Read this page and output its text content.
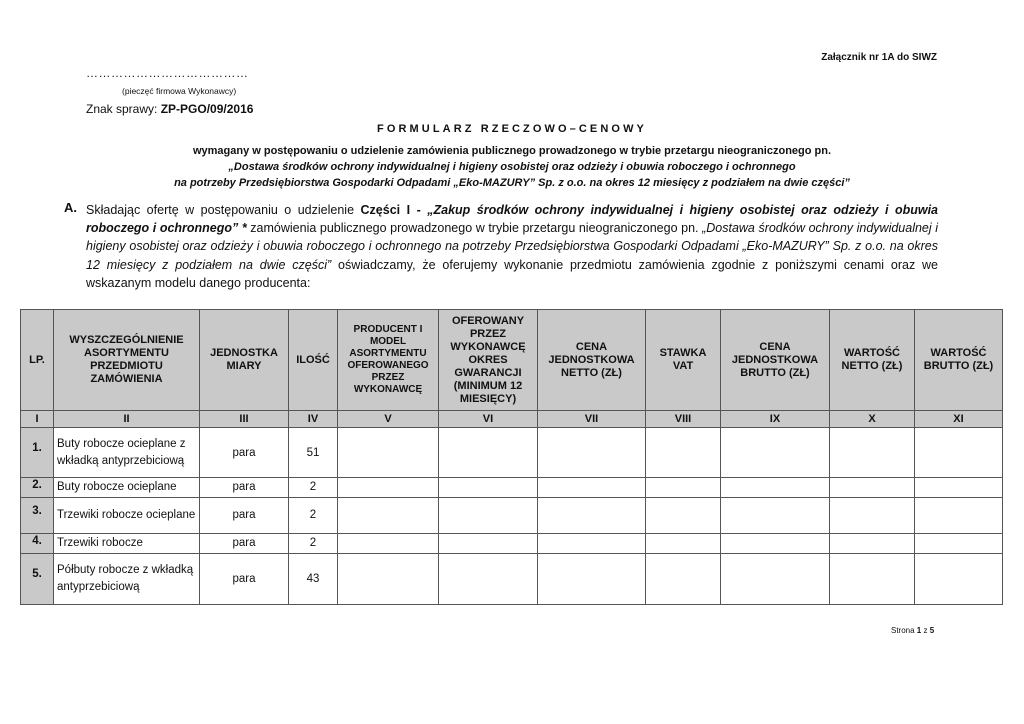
Załącznik nr 1A do SIWZ
…………………………………
(pieczęć firmowa Wykonawcy)
Znak sprawy: ZP-PGO/09/2016
FORMULARZ RZECZOWO–CENOWY
wymagany w postępowaniu o udzielenie zamówienia publicznego prowadzonego w trybie przetargu nieograniczonego pn.
„Dostawa środków ochrony indywidualnej i higieny osobistej oraz odzieży i obuwia roboczego i ochronnego
na potrzeby Przedsiębiorstwa Gospodarki Odpadami „Eko-MAZURY” Sp. z o.o. na okres 12 miesięcy z podziałem na dwie części”
A. Składając ofertę w postępowaniu o udzielenie Części I - „Zakup środków ochrony indywidualnej i higieny osobistej oraz odzieży i obuwia roboczego i ochronnego” * zamówienia publicznego prowadzonego w trybie przetargu nieograniczonego pn. „Dostawa środków ochrony indywidualnej i higieny osobistej oraz odzieży i obuwia roboczego i ochronnego na potrzeby Przedsiębiorstwa Gospodarki Odpadami „Eko-MAZURY” Sp. z o.o. na okres 12 miesięcy z podziałem na dwie części” oświadczamy, że oferujemy wykonanie przedmiotu zamówienia zgodnie z poniższymi cenami oraz we wskazanym modelu danego producenta:
LP.	WYSZCZEGÓLNIENIE ASORTYMENTU PRZEDMIOTU ZAMÓWIENIA	JEDNOSTKA MIARY	ILOŚĆ	PRODUCENT I MODEL ASORTYMENTU OFEROWANEGO PRZEZ WYKONAWCĘ	OFEROWANY PRZEZ WYKONAWCĘ OKRES GWARANCJI (MINIMUM 12 MIESIĘCY)	CENA JEDNOSTKOWA NETTO (ZŁ)	STAWKA VAT	CENA JEDNOSTKOWA BRUTTO (ZŁ)	WARTOŚĆ NETTO (ZŁ)	WARTOŚĆ BRUTTO (ZŁ)
I	II	III	IV	V	VI	VII	VIII	IX	X	XI
1.	Buty robocze ocieplane z wkładką antyprzebiciową	para	51							
2.	Buty robocze ocieplane	para	2							
3.	Trzewiki robocze ocieplane	para	2							
4.	Trzewiki robocze	para	2							
5.	Półbuty robocze z wkładką antyprzebiciową	para	43							
Strona 1 z 5
